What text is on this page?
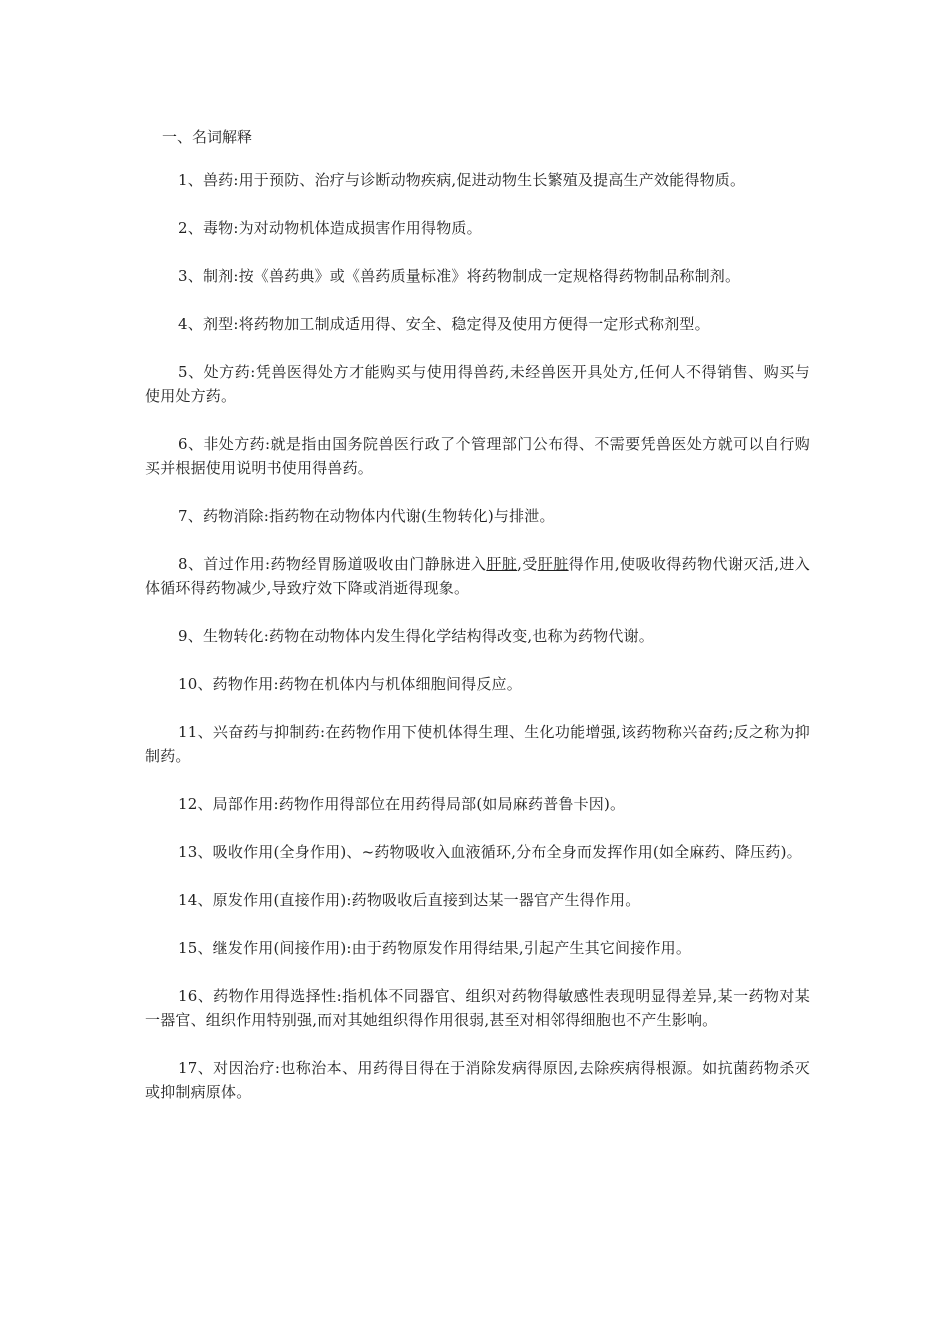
一、名词解释

1、兽药:用于预防、治疗与诊断动物疾病,促进动物生长繁殖及提高生产效能得物质。

2、毒物:为对动物机体造成损害作用得物质。

3、制剂:按《兽药典》或《兽药质量标准》将药物制成一定规格得药物制品称制剂。

4、剂型:将药物加工制成适用得、安全、稳定得及使用方便得一定形式称剂型。

5、处方药:凭兽医得处方才能购买与使用得兽药,未经兽医开具处方,任何人不得销售、购买与使用处方药。

6、非处方药:就是指由国务院兽医行政了个管理部门公布得、不需要凭兽医处方就可以自行购买并根据使用说明书使用得兽药。

7、药物消除:指药物在动物体内代谢(生物转化)与排泄。

8、首过作用:药物经胃肠道吸收由门静脉进入肝脏,受肝脏得作用,使吸收得药物代谢灭活,进入体循环得药物减少,导致疗效下降或消逝得现象。

9、生物转化:药物在动物体内发生得化学结构得改变,也称为药物代谢。

10、药物作用:药物在机体内与机体细胞间得反应。

11、兴奋药与抑制药:在药物作用下使机体得生理、生化功能增强,该药物称兴奋药;反之称为抑制药。

12、局部作用:药物作用得部位在用药得局部(如局麻药普鲁卡因)。

13、吸收作用(全身作用)、~药物吸收入血液循环,分布全身而发挥作用(如全麻药、降压药)。

14、原发作用(直接作用):药物吸收后直接到达某一器官产生得作用。

15、继发作用(间接作用):由于药物原发作用得结果,引起产生其它间接作用。

16、药物作用得选择性:指机体不同器官、组织对药物得敏感性表现明显得差异,某一药物对某一器官、组织作用特别强,而对其她组织得作用很弱,甚至对相邻得细胞也不产生影响。

17、对因治疗:也称治本、用药得目得在于消除发病得原因,去除疾病得根源。如抗菌药物杀灭或抑制病原体。
